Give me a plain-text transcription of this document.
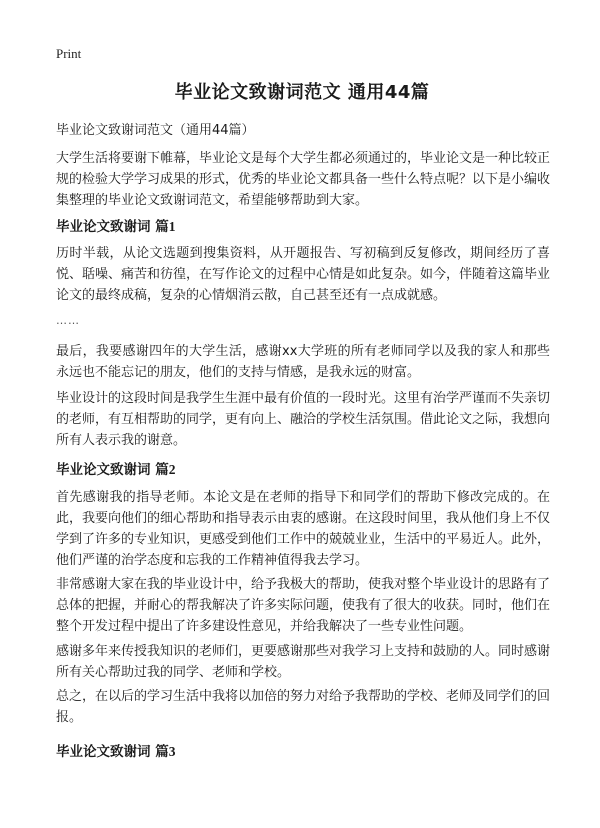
Print
毕业论文致谢词范文 通用44篇

毕业论文致谢词范文（通用44篇）

大学生活将要谢下帷幕，毕业论文是每个大学生都必须通过的，毕业论文是一种比较正规的检验大学学习成果的形式，优秀的毕业论文都具备一些什么特点呢？以下是小编收集整理的毕业论文致谢词范文，希望能够帮助到大家。

毕业论文致谢词 篇1

历时半载，从论文选题到搜集资料，从开题报告、写初稿到反复修改，期间经历了喜悦、聒噪、痛苦和彷徨，在写作论文的过程中心情是如此复杂。如今，伴随着这篇毕业论文的最终成稿，复杂的心情烟消云散，自己甚至还有一点成就感。

……

最后，我要感谢四年的大学生活，感谢xx大学班的所有老师同学以及我的家人和那些永远也不能忘记的朋友，他们的支持与情感，是我永远的财富。

毕业设计的这段时间是我学生生涯中最有价值的一段时光。这里有治学严谨而不失亲切的老师，有互相帮助的同学，更有向上、融洽的学校生活氛围。借此论文之际，我想向所有人表示我的谢意。

毕业论文致谢词 篇2

首先感谢我的指导老师。本论文是在老师的指导下和同学们的帮助下修改完成的。在此，我要向他们的细心帮助和指导表示由衷的感谢。在这段时间里，我从他们身上不仅学到了许多的专业知识，更感受到他们工作中的兢兢业业，生活中的平易近人。此外，他们严谨的治学态度和忘我的工作精神值得我去学习。

非常感谢大家在我的毕业设计中，给予我极大的帮助，使我对整个毕业设计的思路有了总体的把握，并耐心的帮我解决了许多实际问题，使我有了很大的收获。同时，他们在整个开发过程中提出了许多建设性意见，并给我解决了一些专业性问题。

感谢多年来传授我知识的老师们，更要感谢那些对我学习上支持和鼓励的人。同时感谢所有关心帮助过我的同学、老师和学校。

总之，在以后的学习生活中我将以加倍的努力对给予我帮助的学校、老师及同学们的回报。

毕业论文致谢词 篇3
